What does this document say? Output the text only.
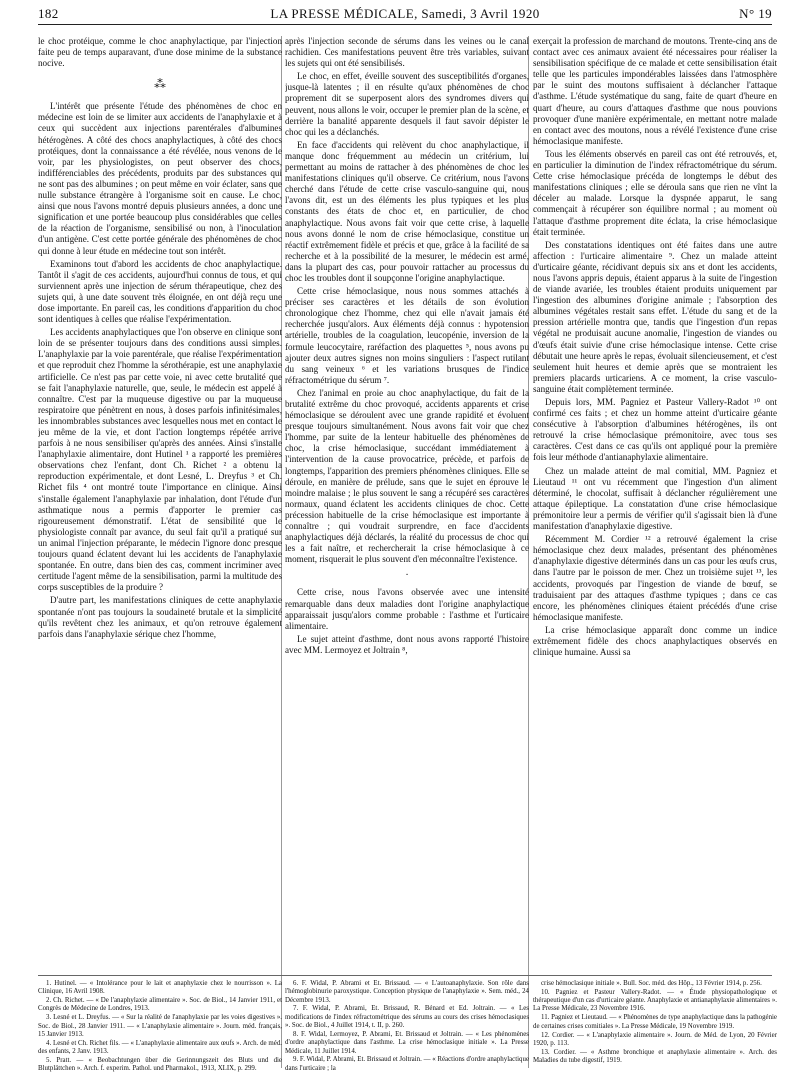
LA PRESSE MÉDICALE, Samedi, 3 Avril 1920
182	N° 19

le choc protéique, comme le choc anaphylactique, par l'injection faite peu de temps auparavant, d'une dose minime de la substance nocive.

⁂

L'intérêt que présente l'étude des phénomènes de choc en médecine est loin de se limiter aux accidents de l'anaphylaxie et à ceux qui succèdent aux injections parentérales d'albumines hétérogènes. A côté des chocs anaphylactiques, à côté des chocs protéiques, dont la connaissance a été révélée, nous venons de le voir, par les physiologistes, on peut observer des chocs, indifférenciables des précédents, produits par des substances qui ne sont pas des albumines ; on peut même en voir éclater, sans que nulle substance étrangère à l'organisme soit en cause. Le choc, ainsi que nous l'avons montré depuis plusieurs années, a donc une signification et une portée beaucoup plus considérables que celles de la réaction de l'organisme, sensibilisé ou non, à l'inoculation d'un antigène. C'est cette portée générale des phénomènes de choc qui donne à leur étude en médecine tout son intérêt.

Examinons tout d'abord les accidents de choc anaphylactique. Tantôt il s'agit de ces accidents, aujourd'hui connus de tous, et qui surviennent après une injection de sérum thérapeutique, chez des sujets qui, à une date souvent très éloignée, en ont déjà reçu une dose importante. En pareil cas, les conditions d'apparition du choc sont identiques à celles que réalise l'expérimentation.

Les accidents anaphylactiques que l'on observe en clinique sont loin de se présenter toujours dans des conditions aussi simples. L'anaphylaxie par la voie parentérale, que réalise l'expérimentation et que reproduit chez l'homme la sérothérapie, est une anaphylaxie artificielle. Ce n'est pas par cette voie, ni avec cette brutalité que se fait l'anaphylaxie naturelle, que, seule, le médecin est appelé à connaître. C'est par la muqueuse digestive ou par la muqueuse respiratoire que pénètrent en nous, à doses parfois infinitésimales, les innombrables substances avec lesquelles nous met en contact le jeu même de la vie, et dont l'action longtemps répétée arrive parfois à ne nous sensibiliser qu'après des années. Ainsi s'installe l'anaphylaxie alimentaire, dont Hutinel ¹ a rapporté les premières observations chez l'enfant, dont Ch. Richet ² a obtenu la reproduction expérimentale, et dont Lesné, L. Dreyfus ³ et Ch. Richet fils ⁴ ont montré toute l'importance en clinique. Ainsi s'installe également l'anaphylaxie par inhalation, dont l'étude d'un asthmatique nous a permis d'apporter le premier cas rigoureusement démonstratif. L'état de sensibilité que le physiologiste connaît par avance, du seul fait qu'il a pratiqué sur un animal l'injection préparante, le médecin l'ignore donc presque toujours quand éclatent devant lui les accidents de l'anaphylaxie spontanée. En outre, dans bien des cas, comment incriminer avec certitude l'agent même de la sensibilisation, parmi la multitude des corps susceptibles de la produire ?

D'autre part, les manifestations cliniques de cette anaphylaxie spontanée n'ont pas toujours la soudaineté brutale et la simplicité qu'ils revêtent chez les animaux, et qu'on retrouve également parfois dans l'anaphylaxie sérique chez l'homme,

après l'injection seconde de sérums dans les veines ou le canal rachidien. Ces manifestations peuvent être très variables, suivant les sujets qui ont été sensibilisés.

Le choc, en effet, éveille souvent des susceptibilités d'organes, jusque-là latentes ; il en résulte qu'aux phénomènes de choc proprement dit se superposent alors des syndromes divers qui peuvent, nous allons le voir, occuper le premier plan de la scène, et derrière la banalité apparente desquels il faut savoir dépister le choc qui les a déclanchés.

En face d'accidents qui relèvent du choc anaphylactique, il manque donc fréquemment au médecin un critérium, lui permettant au moins de rattacher à des phénomènes de choc les manifestations cliniques qu'il observe. Ce critérium, nous l'avons cherché dans l'étude de cette crise vasculo-sanguine qui, nous l'avons dit, est un des éléments les plus typiques et les plus constants des états de choc et, en particulier, de choc anaphylactique. Nous avons fait voir que cette crise, à laquelle nous avons donné le nom de crise hémoclasique, constitue un réactif extrêmement fidèle et précis et que, grâce à la facilité de sa recherche et à la possibilité de la mesurer, le médecin est armé, dans la plupart des cas, pour pouvoir rattacher au processus du choc les troubles dont il soupçonne l'origine anaphylactique.

Cette crise hémoclasique, nous nous sommes attachés à préciser ses caractères et les détails de son évolution chronologique chez l'homme, chez qui elle n'avait jamais été recherchée jusqu'alors. Aux éléments déjà connus : hypotension artérielle, troubles de la coagulation, leucopénie, inversion de la formule leucocytaire, raréfaction des plaquettes ⁵, nous avons pu ajouter deux autres signes non moins singuliers : l'aspect rutilant du sang veineux ⁶ et les variations brusques de l'indice réfractométrique du sérum ⁷.

Chez l'animal en proie au choc anaphylactique, du fait de la brutalité extrême du choc provoqué, accidents apparents et crise hémoclasique se déroulent avec une grande rapidité et évoluent presque toujours simultanément. Nous avons fait voir que chez l'homme, par suite de la lenteur habituelle des phénomènes de choc, la crise hémoclasique, succédant immédiatement à l'intervention de la cause provocatrice, précède, et parfois de longtemps, l'apparition des premiers phénomènes cliniques. Elle se déroule, en manière de prélude, sans que le sujet en éprouve le moindre malaise ; le plus souvent le sang a récupéré ses caractères normaux, quand éclatent les accidents cliniques de choc. Cette précession habituelle de la crise hémoclasique est importante à connaître ; qui voudrait surprendre, en face d'accidents anaphylactiques déjà déclarés, la réalité du processus de choc qui les a fait naître, et rechercherait la crise hémoclasique à ce moment, risquerait le plus souvent d'en méconnaître l'existence.

·

Cette crise, nous l'avons observée avec une intensité remarquable dans deux maladies dont l'origine anaphylactique apparaissait jusqu'alors comme probable : l'asthme et l'urticaire alimentaire.

Le sujet atteint d'asthme, dont nous avons rapporté l'histoire avec MM. Lermoyez et Joltrain ⁸,

exerçait la profession de marchand de moutons. Trente-cinq ans de contact avec ces animaux avaient été nécessaires pour réaliser la sensibilisation spécifique de ce malade et cette sensibilisation était telle que les particules impondérables laissées dans l'atmosphère par le suint des moutons suffisaient à déclancher l'attaque d'asthme. L'étude systématique du sang, faite de quart d'heure en quart d'heure, au cours d'attaques d'asthme que nous pouvions provoquer d'une manière expérimentale, en mettant notre malade en contact avec des moutons, nous a révélé l'existence d'une crise hémoclasique manifeste.

Tous les éléments observés en pareil cas ont été retrouvés, et, en particulier la diminution de l'index réfractométrique du sérum. Cette crise hémoclasique précéda de longtemps le début des manifestations cliniques ; elle se déroula sans que rien ne vînt la déceler au malade. Lorsque la dyspnée apparut, le sang commençait à récupérer son équilibre normal ; au moment où l'attaque d'asthme proprement dite éclata, la crise hémoclasique était terminée.

Des constatations identiques ont été faites dans une autre affection : l'urticaire alimentaire ⁹. Chez un malade atteint d'urticaire géante, récidivant depuis six ans et dont les accidents, nous l'avons appris depuis, étaient apparus à la suite de l'ingestion de viande avariée, les troubles étaient produits uniquement par l'ingestion des albumines d'origine animale ; l'absorption des albumines végétales restait sans effet. L'étude du sang et de la pression artérielle montra que, tandis que l'ingestion d'un repas végétal ne produisait aucune anomalie, l'ingestion de viandes ou d'œufs était suivie d'une crise hémoclasique intense. Cette crise débutait une heure après le repas, évoluait silencieusement, et c'est seulement huit heures et demie après que se montraient les premiers placards urticariens. A ce moment, la crise vasculo-sanguine était complètement terminée.

Depuis lors, MM. Pagniez et Pasteur Vallery-Radot ¹⁰ ont confirmé ces faits ; et chez un homme atteint d'urticaire géante consécutive à l'absorption d'albumines hétérogènes, ils ont retrouvé la crise hémoclasique prémonitoire, avec tous ses caractères. C'est dans ce cas qu'ils ont appliqué pour la première fois leur méthode d'antianaphylaxie alimentaire.

Chez un malade atteint de mal comitial, MM. Pagniez et Lieutaud ¹¹ ont vu récemment que l'ingestion d'un aliment déterminé, le chocolat, suffisait à déclancher régulièrement une attaque épileptique. La constatation d'une crise hémoclasique prémonitoire leur a permis de vérifier qu'il s'agissait bien là d'une manifestation d'anaphylaxie digestive.

Récemment M. Cordier ¹² a retrouvé également la crise hémoclasique chez deux malades, présentant des phénomènes d'anaphylaxie digestive déterminés dans un cas pour les œufs crus, dans l'autre par le poisson de mer. Chez un troisième sujet ¹³, les accidents, provoqués par l'ingestion de viande de bœuf, se traduisaient par des attaques d'asthme typiques ; dans ce cas encore, les phénomènes cliniques étaient précédés d'une crise hémoclasique manifeste.

La crise hémoclasique apparaît donc comme un indice extrêmement fidèle des chocs anaphylactiques observés en clinique humaine. Aussi sa

1. Hutinel. — « Intolérance pour le lait et anaphylaxie chez le nourrisson ». La Clinique, 16 Avril 1908.

2. Ch. Richet. — « De l'anaphylaxie alimentaire ». Soc. de Biol., 14 Janvier 1911, et Congrès de Médecine de Londres, 1913.

3. Lesné et L. Dreyfus. — « Sur la réalité de l'anaphylaxie par les voies digestives ». Soc. de Biol., 28 Janvier 1911. — « L'anaphylaxie alimentaire ». Journ. méd. français, 15 Janvier 1913.

4. Lesné et Ch. Richet fils. — « L'anaphylaxie alimentaire aux œufs ». Arch. de méd. des enfants, 2 Janv. 1913.

5. Pratt. — « Beobachtungen über die Gerinnungszeit des Bluts und die Blutplättchen ». Arch. f. experim. Pathol. und Pharmakol., 1913, XLIX, p. 299.

6. F. Widal, P. Abrami et Et. Brissaud. — « L'autoanaphylaxie. Son rôle dans l'hémoglobinurie paroxystique. Conception physique de l'anaphylaxie ». Sem. méd., 24 Décembre 1913.

7. F. Widal, P. Abrami, Et. Brissaud, R. Bénard et Ed. Joltrain. — « Les modifications de l'index réfractométrique des sérums au cours des crises hémoclasiques ». Soc. de Biol., 4 Juillet 1914, t. II, p. 260.

8. F. Widal, Lermoyez, P. Abrami, Et. Brissaud et Joltrain. — « Les phénomènes d'ordre anaphylactique dans l'asthme. La crise hémoclasique initiale ». La Presse Médicale, 11 Juillet 1914.

9. F. Widal, P. Abrami, Et. Brissaud et Joltrain. — « Réactions d'ordre anaphylactique dans l'urticaire ; la

crise hémoclasique initiale ». Bull. Soc. méd. des Hôp., 13 Février 1914, p. 256.

10. Pagniez et Pasteur Vallery-Radot. — « Étude physiopathologique et thérapeutique d'un cas d'urticaire géante. Anaphylaxie et antianaphylaxie alimentaires ». La Presse Médicale, 23 Novembre 1916.

11. Pagniez et Lieutaud. — « Phénomènes de type anaphylactique dans la pathogénie de certaines crises comitiales ». La Presse Médicale, 19 Novembre 1919.

12. Cordier. — « L'anaphylaxie alimentaire ». Journ. de Méd. de Lyon, 20 Février 1920, p. 113.

13. Cordier. — « Asthme bronchique et anaphylaxie alimentaire ». Arch. des Maladies du tube digestif, 1919.
